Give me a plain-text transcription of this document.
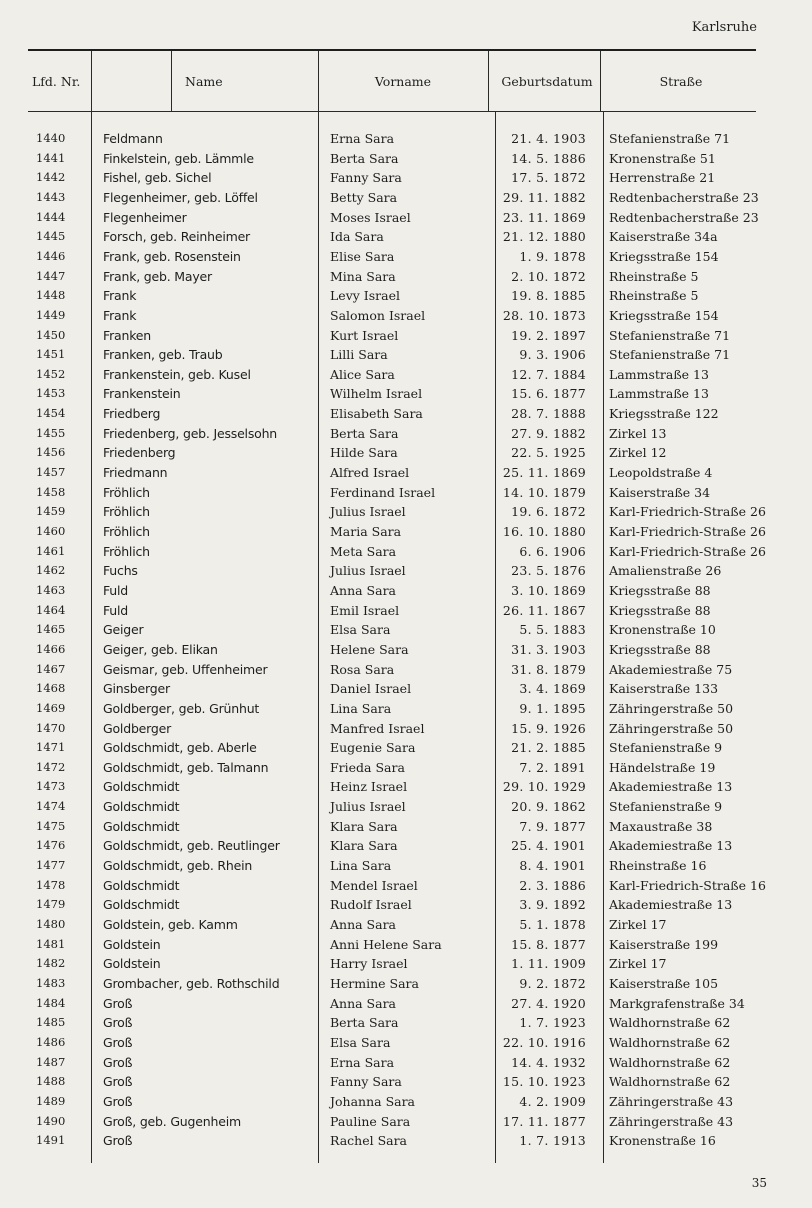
Karlsruhe
Lfd. Nr.	Name	Vorname	Geburtsdatum	Straße
1440	Feldmann	Erna Sara	21. 4. 1903 Stefanienstraße 71
1441	Finkelstein, geb. Lämmle	Berta Sara	14. 5. 1886 Kronenstraße 51
1442	Fishel, geb. Sichel	Fanny Sara	17. 5. 1872 Herrenstraße 21
1443	Flegenheimer, geb. Löffel	Betty Sara	29. 11. 1882 Redtenbacherstraße 23
1444	Flegenheimer	Moses Israel	23. 11. 1869 Redtenbacherstraße 23
1445	Forsch, geb. Reinheimer	Ida Sara	21. 12. 1880 Kaiserstraße 34a
1446	Frank, geb. Rosenstein	Elise Sara	1. 9. 1878 Kriegsstraße 154
1447	Frank, geb. Mayer	Mina Sara	2. 10. 1872 Rheinstraße 5
1448	Frank	Levy Israel	19. 8. 1885 Rheinstraße 5
1449	Frank	Salomon Israel	28. 10. 1873 Kriegsstraße 154
1450	Franken	Kurt Israel	19. 2. 1897 Stefanienstraße 71
1451	Franken, geb. Traub	Lilli Sara	9. 3. 1906 Stefanienstraße 71
1452	Frankenstein, geb. Kusel	Alice Sara	12. 7. 1884 Lammstraße 13
1453	Frankenstein	Wilhelm Israel	15. 6. 1877 Lammstraße 13
1454	Friedberg	Elisabeth Sara	28. 7. 1888 Kriegsstraße 122
1455	Friedenberg, geb. Jesselsohn	Berta Sara	27. 9. 1882 Zirkel 13
1456	Friedenberg	Hilde Sara	22. 5. 1925 Zirkel 12
1457	Friedmann	Alfred Israel	25. 11. 1869 Leopoldstraße 4
1458	Fröhlich	Ferdinand Israel	14. 10. 1879 Kaiserstraße 34
1459	Fröhlich	Julius Israel	19. 6. 1872 Karl-Friedrich-Straße 26
1460	Fröhlich	Maria Sara	16. 10. 1880 Karl-Friedrich-Straße 26
1461	Fröhlich	Meta Sara	6. 6. 1906 Karl-Friedrich-Straße 26
1462	Fuchs	Julius Israel	23. 5. 1876 Amalienstraße 26
1463	Fuld	Anna Sara	3. 10. 1869 Kriegsstraße 88
1464	Fuld	Emil Israel	26. 11. 1867 Kriegsstraße 88
1465	Geiger	Elsa Sara	5. 5. 1883 Kronenstraße 10
1466	Geiger, geb. Elikan	Helene Sara	31. 3. 1903 Kriegsstraße 88
1467	Geismar, geb. Uffenheimer	Rosa Sara	31. 8. 1879 Akademiestraße 75
1468	Ginsberger	Daniel Israel	3. 4. 1869 Kaiserstraße 133
1469	Goldberger, geb. Grünhut	Lina Sara	9. 1. 1895 Zähringerstraße 50
1470	Goldberger	Manfred Israel	15. 9. 1926 Zähringerstraße 50
1471	Goldschmidt, geb. Aberle	Eugenie Sara	21. 2. 1885 Stefanienstraße 9
1472	Goldschmidt, geb. Talmann	Frieda Sara	7. 2. 1891 Händelstraße 19
1473	Goldschmidt	Heinz Israel	29. 10. 1929 Akademiestraße 13
1474	Goldschmidt	Julius Israel	20. 9. 1862 Stefanienstraße 9
1475	Goldschmidt	Klara Sara	7. 9. 1877 Maxaustraße 38
1476	Goldschmidt, geb. Reutlinger	Klara Sara	25. 4. 1901 Akademiestraße 13
1477	Goldschmidt, geb. Rhein	Lina Sara	8. 4. 1901 Rheinstraße 16
1478	Goldschmidt	Mendel Israel	2. 3. 1886 Karl-Friedrich-Straße 16
1479	Goldschmidt	Rudolf Israel	3. 9. 1892 Akademiestraße 13
1480	Goldstein, geb. Kamm	Anna Sara	5. 1. 1878 Zirkel 17
1481	Goldstein	Anni Helene Sara	15. 8. 1877 Kaiserstraße 199
1482	Goldstein	Harry Israel	1. 11. 1909 Zirkel 17
1483	Grombacher, geb. Rothschild	Hermine Sara	9. 2. 1872 Kaiserstraße 105
1484	Groß	Anna Sara	27. 4. 1920 Markgrafenstraße 34
1485	Groß	Berta Sara	1. 7. 1923 Waldhornstraße 62
1486	Groß	Elsa Sara	22. 10. 1916 Waldhornstraße 62
1487	Groß	Erna Sara	14. 4. 1932 Waldhornstraße 62
1488	Groß	Fanny Sara	15. 10. 1923 Waldhornstraße 62
1489	Groß	Johanna Sara	4. 2. 1909 Zähringerstraße 43
1490	Groß, geb. Gugenheim	Pauline Sara	17. 11. 1877 Zähringerstraße 43
1491	Groß	Rachel Sara	1. 7. 1913 Kronenstraße 16
35
